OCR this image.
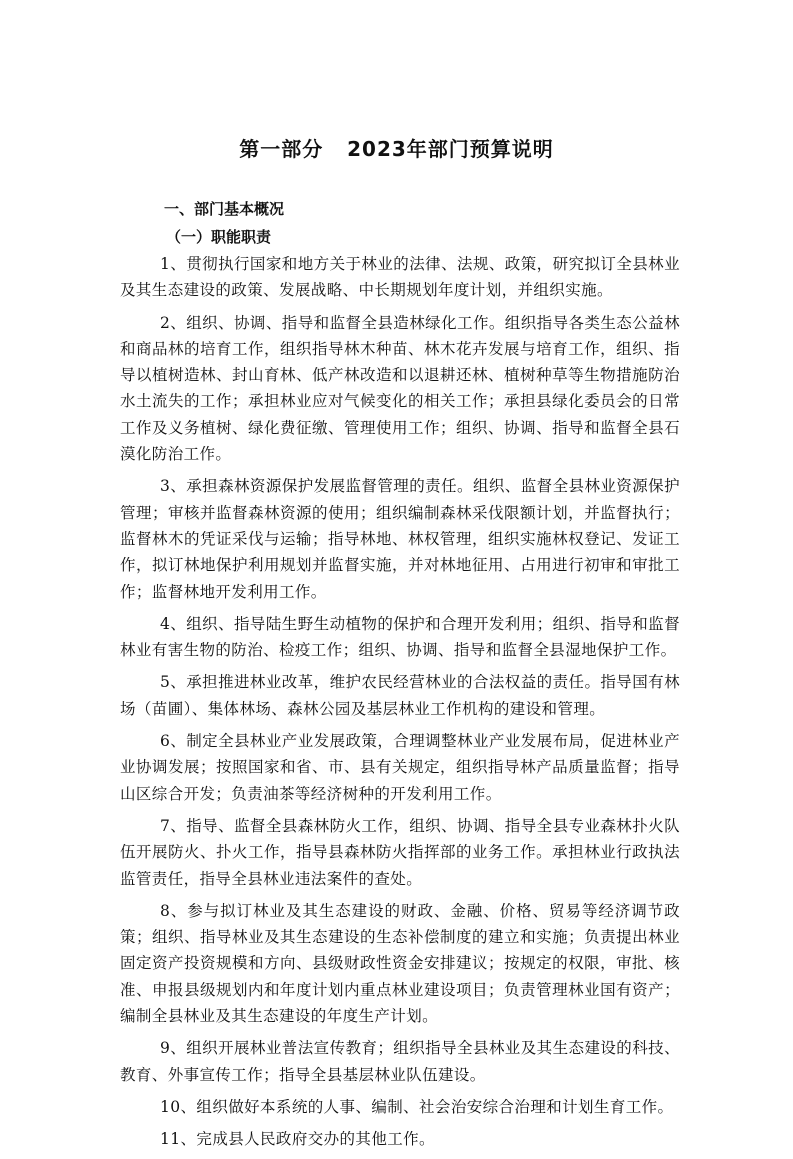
第一部分   2023年部门预算说明
一、部门基本概况
（一）职能职责

1、贯彻执行国家和地方关于林业的法律、法规、政策，研究拟订全县林业及其生态建设的政策、发展战略、中长期规划年度计划，并组织实施。

2、组织、协调、指导和监督全县造林绿化工作。组织指导各类生态公益林和商品林的培育工作，组织指导林木种苗、林木花卉发展与培育工作，组织、指导以植树造林、封山育林、低产林改造和以退耕还林、植树种草等生物措施防治水土流失的工作；承担林业应对气候变化的相关工作；承担县绿化委员会的日常工作及义务植树、绿化费征缴、管理使用工作；组织、协调、指导和监督全县石漠化防治工作。

3、承担森林资源保护发展监督管理的责任。组织、监督全县林业资源保护管理；审核并监督森林资源的使用；组织编制森林采伐限额计划，并监督执行；监督林木的凭证采伐与运输；指导林地、林权管理，组织实施林权登记、发证工作，拟订林地保护利用规划并监督实施，并对林地征用、占用进行初审和审批工作；监督林地开发利用工作。

4、组织、指导陆生野生动植物的保护和合理开发利用；组织、指导和监督林业有害生物的防治、检疫工作；组织、协调、指导和监督全县湿地保护工作。

5、承担推进林业改革，维护农民经营林业的合法权益的责任。指导国有林场（苗圃）、集体林场、森林公园及基层林业工作机构的建设和管理。

6、制定全县林业产业发展政策，合理调整林业产业发展布局，促进林业产业协调发展；按照国家和省、市、县有关规定，组织指导林产品质量监督；指导山区综合开发；负责油茶等经济树种的开发利用工作。

7、指导、监督全县森林防火工作，组织、协调、指导全县专业森林扑火队伍开展防火、扑火工作，指导县森林防火指挥部的业务工作。承担林业行政执法监管责任，指导全县林业违法案件的查处。

8、参与拟订林业及其生态建设的财政、金融、价格、贸易等经济调节政策；组织、指导林业及其生态建设的生态补偿制度的建立和实施；负责提出林业固定资产投资规模和方向、县级财政性资金安排建议；按规定的权限，审批、核准、申报县级规划内和年度计划内重点林业建设项目；负责管理林业国有资产；编制全县林业及其生态建设的年度生产计划。

9、组织开展林业普法宣传教育；组织指导全县林业及其生态建设的科技、教育、外事宣传工作；指导全县基层林业队伍建设。

10、组织做好本系统的人事、编制、社会治安综合治理和计划生育工作。

11、完成县人民政府交办的其他工作。
